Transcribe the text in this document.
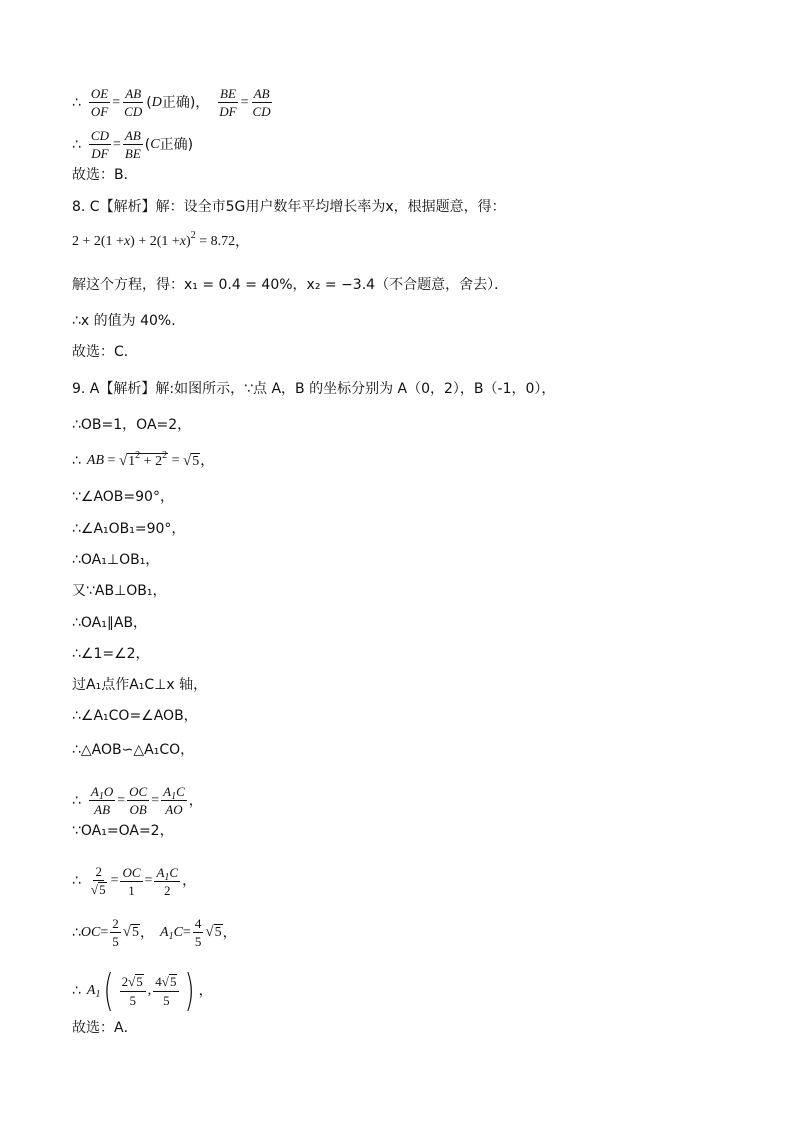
∴ $\frac{OE}{OF} = \frac{AB}{CD}$ ( D 正确)， $\frac{BE}{DF} = \frac{AB}{CD}$
∴ $\frac{CD}{DF} = \frac{AB}{BE}$ ( C 正确)
故选：B．
8. C【解析】解：设全市5G用户数年平均增长率为x，根据题意，得：
2 + 2(1 + x ) + 2(1 + x )$^2$ = 8.72 ，
解这个方程，得：x₁ = 0.4 = 40%，x₂ = −3.4（不合题意，舍去）．
∴x 的值为 40%．
故选：C．
9. A【解析】解:如图所示，∵点 A，B 的坐标分别为 A（0，2），B（-1，0），
∴OB=1，OA=2，
∴ AB = √ $1^2 + 2^2$ = √ 5 ，
∵∠AOB=90°，
∴∠A₁OB₁=90°，
∴OA₁⊥OB₁，
又∵AB⊥OB₁，
∴OA₁∥AB，
∴∠1=∠2，
过A₁点作A₁C⊥x 轴，
∴∠A₁CO=∠AOB，
∴△AOB∽△A₁CO，
∴ $\frac{A_1O}{AB} = \frac{OC}{OB} = \frac{A_1C}{AO}$ ，
∵OA₁=OA=2，
∴ $\frac{2}{√ 5} = \frac{OC}{1} = \frac{A_1C}{2}$ ，
∴ OC = $\frac{2}{5}$ √ 5 ， $A_1C = \frac{4}{5}$ √ 5 ，
∴ $A_1$ ( $\frac{2 √ 5}{5}$ , $\frac{4 √ 5}{5}$ ) ，
故选：A．
